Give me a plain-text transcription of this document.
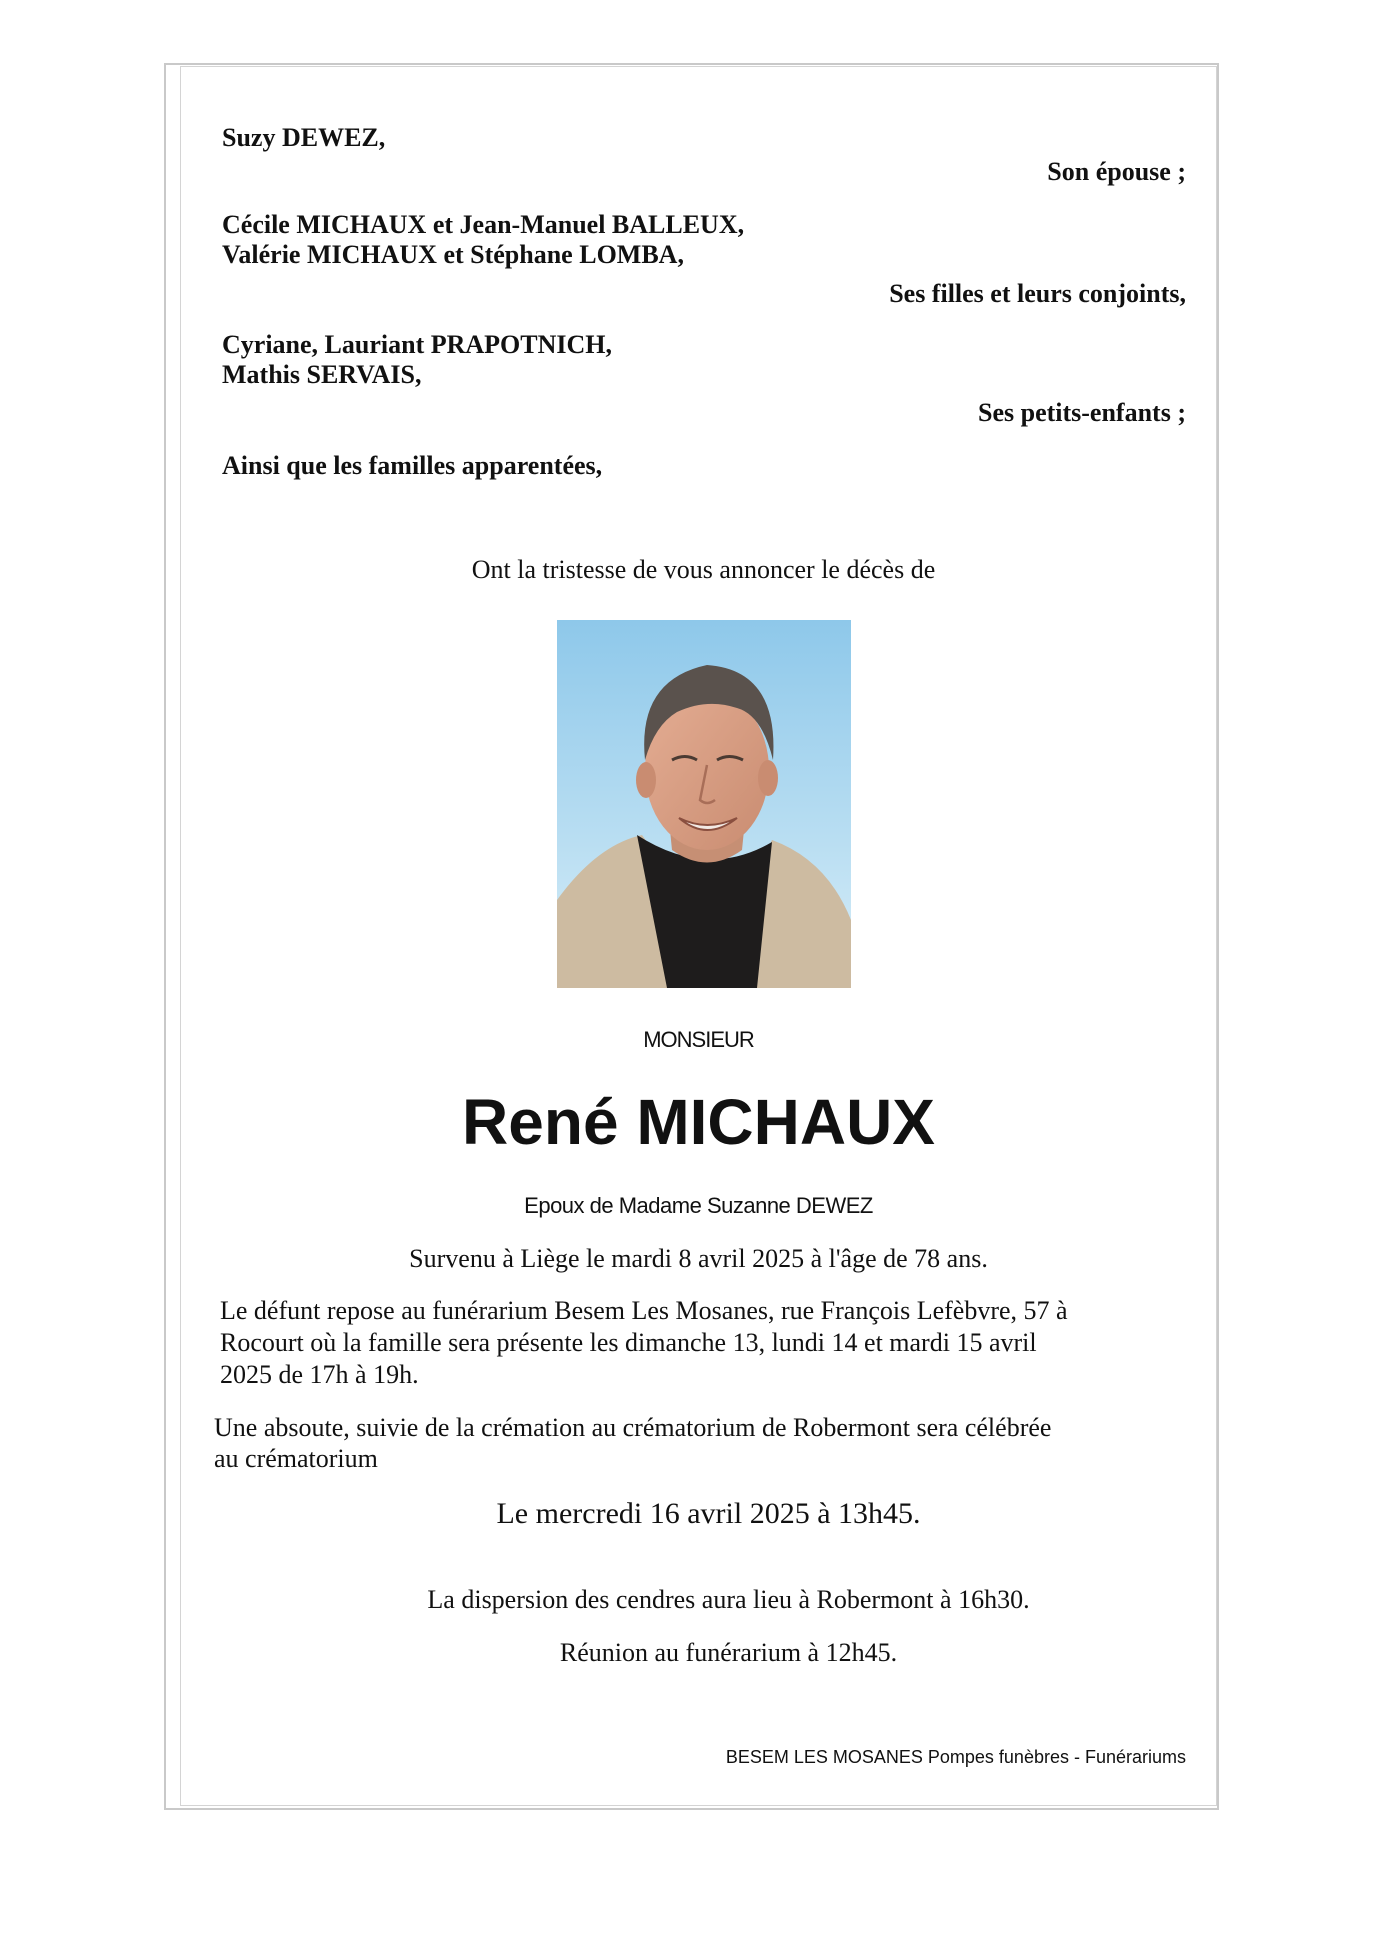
Suzy DEWEZ,
Son épouse ;
Cécile MICHAUX et Jean-Manuel BALLEUX,
Valérie MICHAUX et Stéphane LOMBA,
Ses filles et leurs conjoints,
Cyriane, Lauriant PRAPOTNICH,
Mathis SERVAIS,
Ses petits-enfants ;
Ainsi que les familles apparentées,
Ont la tristesse de vous annoncer le décès de
MONSIEUR
René MICHAUX
Epoux de Madame Suzanne DEWEZ
Survenu à Liège le mardi 8 avril 2025 à l'âge de 78 ans.
Le défunt repose au funérarium Besem Les Mosanes, rue François Lefèbvre, 57 à
Rocourt où la famille sera présente les dimanche 13, lundi 14 et mardi 15 avril
2025 de 17h à 19h.
Une absoute, suivie de la crémation au crématorium de Robermont sera célébrée
au crématorium
Le mercredi 16 avril 2025 à 13h45.
La dispersion des cendres aura lieu à Robermont à 16h30.
Réunion au funérarium à 12h45.
BESEM LES MOSANES Pompes funèbres - Funérariums
